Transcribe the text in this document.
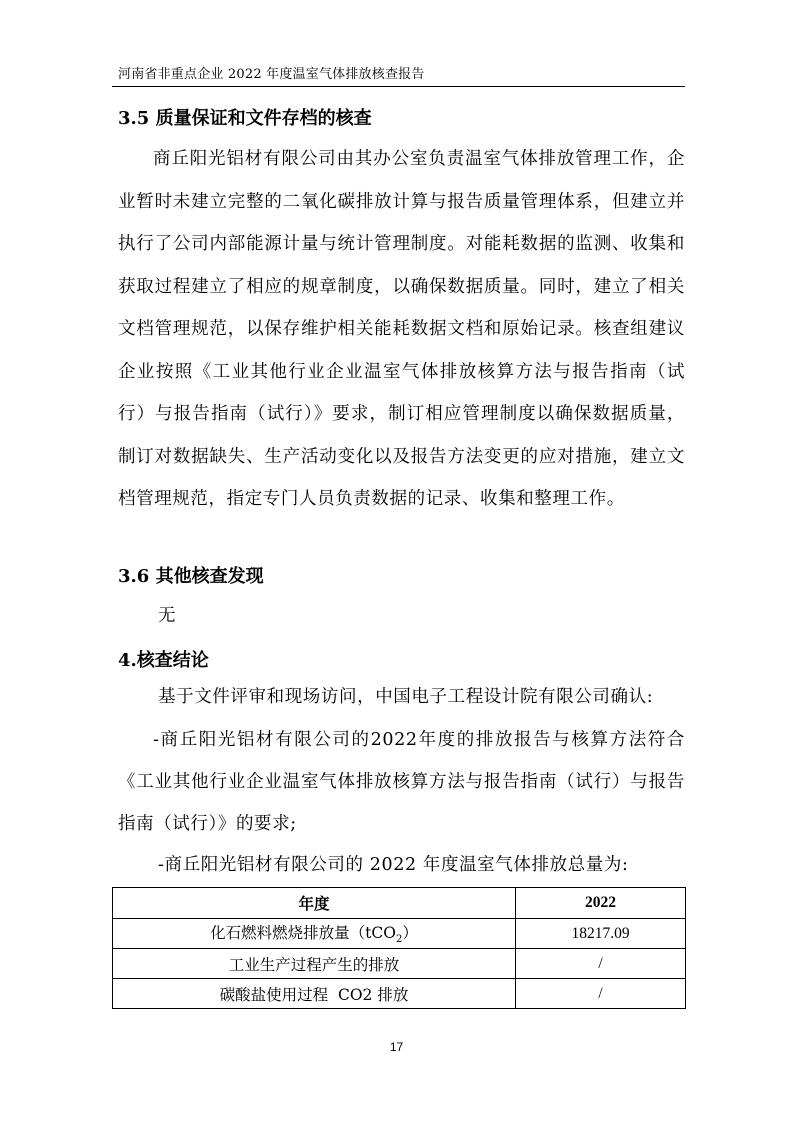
河南省非重点企业 2022 年度温室气体排放核查报告
3.5 质量保证和文件存档的核查
商丘阳光铝材有限公司由其办公室负责温室气体排放管理工作，企业暂时未建立完整的二氧化碳排放计算与报告质量管理体系，但建立并执行了公司内部能源计量与统计管理制度。对能耗数据的监测、收集和获取过程建立了相应的规章制度，以确保数据质量。同时，建立了相关文档管理规范，以保存维护相关能耗数据文档和原始记录。核查组建议企业按照《工业其他行业企业温室气体排放核算方法与报告指南（试行）与报告指南（试行）》要求，制订相应管理制度以确保数据质量，制订对数据缺失、生产活动变化以及报告方法变更的应对措施，建立文档管理规范，指定专门人员负责数据的记录、收集和整理工作。
3.6 其他核查发现
无
4.核查结论
基于文件评审和现场访问，中国电子工程设计院有限公司确认:
-商丘阳光铝材有限公司的2022年度的排放报告与核算方法符合《工业其他行业企业温室气体排放核算方法与报告指南（试行）与报告指南（试行）》的要求;
-商丘阳光铝材有限公司的 2022 年度温室气体排放总量为:
年度	2022
化石燃料燃烧排放量（tCO$_2$）	18217.09
工业生产过程产生的排放	/
碳酸盐使用过程  CO2 排放	/
17
